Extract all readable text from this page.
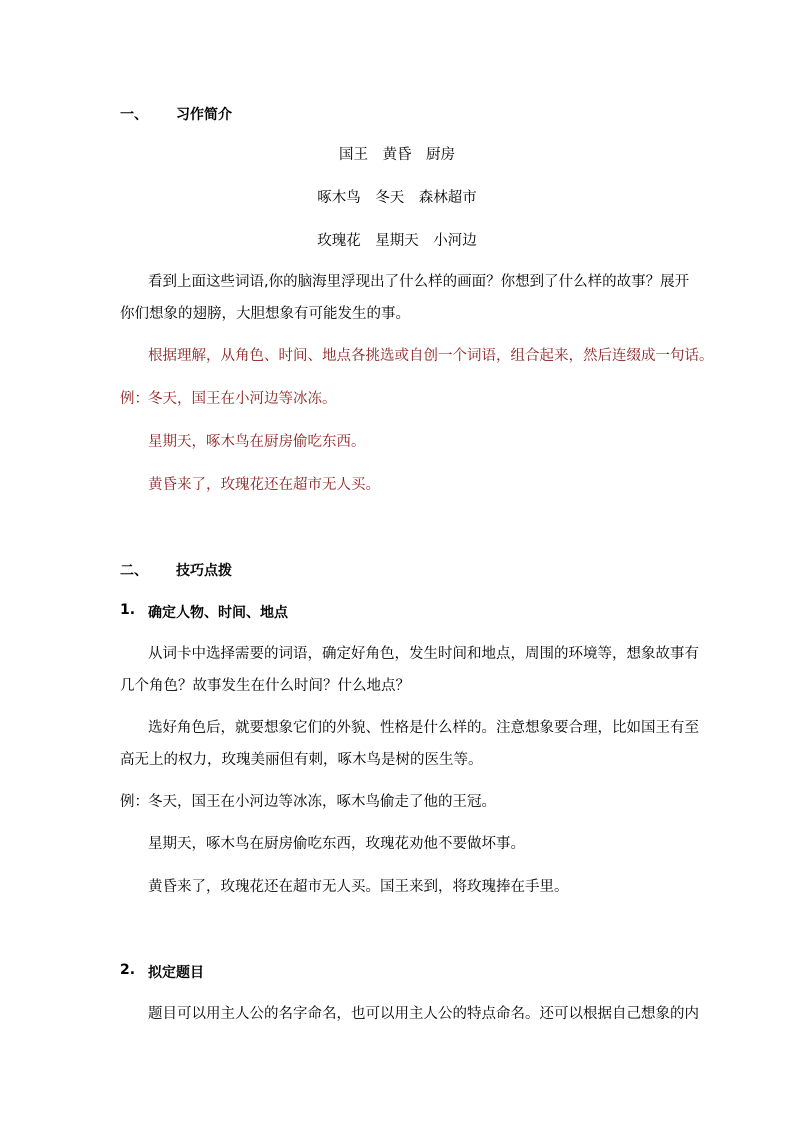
一、 习作简介
国王　黄昏　厨房
啄木鸟　冬天　森林超市
玫瑰花　星期天　小河边
看到上面这些词语,你的脑海里浮现出了什么样的画面？你想到了什么样的故事？展开
你们想象的翅膀，大胆想象有可能发生的事。
根据理解，从角色、时间、地点各挑选或自创一个词语，组合起来，然后连缀成一句话。
例： 冬天，国王在小河边等冰冻。
星期天，啄木鸟在厨房偷吃东西。
黄昏来了，玫瑰花还在超市无人买。
二、 技巧点拨
1. 确定人物、时间、地点
从词卡中选择需要的词语，确定好角色，发生时间和地点，周围的环境等，想象故事有
几个角色？故事发生在什么时间？什么地点？
选好角色后，就要想象它们的外貌、性格是什么样的。注意想象要合理，比如国王有至
高无上的权力，玫瑰美丽但有刺，啄木鸟是树的医生等。
例： 冬天，国王在小河边等冰冻，啄木鸟偷走了他的王冠。
星期天，啄木鸟在厨房偷吃东西，玫瑰花劝他不要做坏事。
黄昏来了，玫瑰花还在超市无人买。国王来到，将玫瑰捧在手里。
2. 拟定题目
题目可以用主人公的名字命名，也可以用主人公的特点命名。还可以根据自己想象的内
